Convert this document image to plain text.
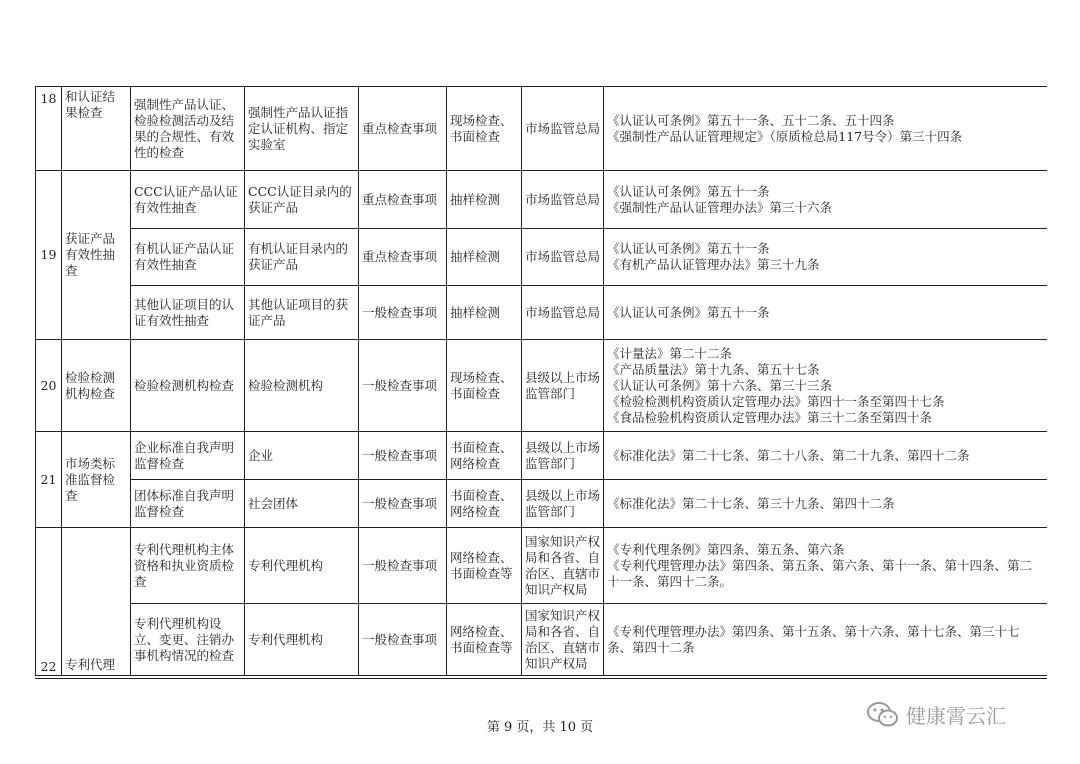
18	和认证结果检查	强制性产品认证、检验检测活动及结果的合规性、有效性的检查	强制性产品认证指定认证机构、指定实验室	重点检查事项	现场检查、书面检查	市场监管总局	《认证认可条例》第五十一条、五十二条、五十四条
《强制性产品认证管理规定》（原质检总局117号令）第三十四条
19	获证产品有效性抽查	CCC认证产品认证有效性抽查	CCC认证目录内的获证产品	重点检查事项	抽样检测	市场监管总局	《认证认可条例》第五十一条
《强制性产品认证管理办法》第三十六条
		有机认证产品认证有效性抽查	有机认证目录内的获证产品	重点检查事项	抽样检测	市场监管总局	《认证认可条例》第五十一条
《有机产品认证管理办法》第三十九条
		其他认证项目的认证有效性抽查	其他认证项目的获证产品	一般检查事项	抽样检测	市场监管总局	《认证认可条例》第五十一条
20	检验检测机构检查	检验检测机构检查	检验检测机构	一般检查事项	现场检查、书面检查	县级以上市场监管部门	《计量法》第二十二条
《产品质量法》第十九条、第五十七条
《认证认可条例》第十六条、第三十三条
《检验检测机构资质认定管理办法》第四十一条至第四十七条
《食品检验机构资质认定管理办法》第三十二条至第四十条
21	市场类标准监督检查	企业标准自我声明监督检查	企业	一般检查事项	书面检查、网络检查	县级以上市场监管部门	《标准化法》第二十七条、第二十八条、第二十九条、第四十二条
		团体标准自我声明监督检查	社会团体	一般检查事项	书面检查、网络检查	县级以上市场监管部门	《标准化法》第二十七条、第三十九条、第四十二条
22	专利代理	专利代理机构主体资格和执业资质检查	专利代理机构	一般检查事项	网络检查、书面检查等	国家知识产权局和各省、自治区、直辖市知识产权局	《专利代理条例》第四条、第五条、第六条
《专利代理管理办法》第四条、第五条、第六条、第十一条、第十四条、第二十一条、第四十二条。
		专利代理机构设立、变更、注销办事机构情况的检查	专利代理机构	一般检查事项	网络检查、书面检查等	国家知识产权局和各省、自治区、直辖市知识产权局	《专利代理管理办法》第四条、第十五条、第十六条、第十七条、第三十七条、第四十二条
第 9 页，共 10 页	健康霄云汇
